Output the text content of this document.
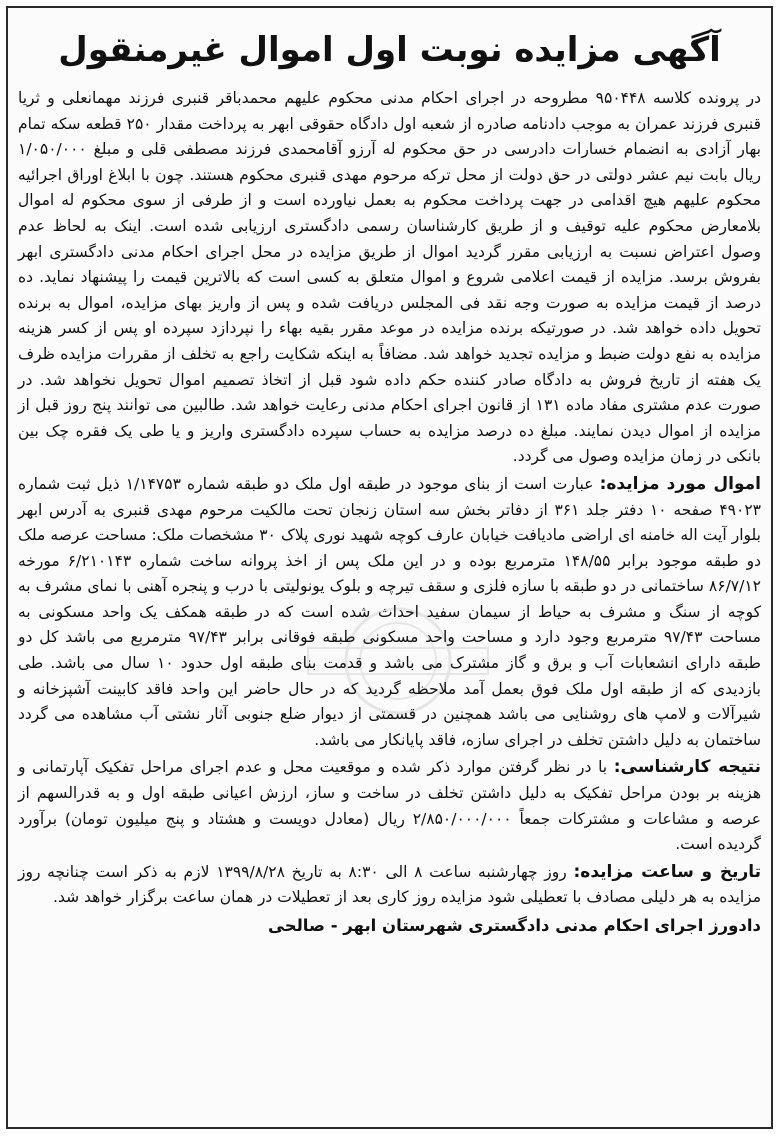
آگهی مزایده نوبت اول اموال غیرمنقول

در پرونده کلاسه ۹۵۰۴۴۸ مطروحه در اجرای احکام مدنی محکوم علیهم محمدباقر قنبری فرزند مهمانعلی و ثریا قنبری فرزند عمران به موجب دادنامه صادره از شعبه اول دادگاه حقوقی ابهر به پرداخت مقدار ۲۵۰ قطعه سکه تمام بهار آزادی به انضمام خسارات دادرسی در حق محکوم له آرزو آقامحمدی فرزند مصطفی قلی و مبلغ ۱/۰۵۰/۰۰۰ ریال بابت نیم عشر دولتی در حق دولت از محل ترکه مرحوم مهدی قنبری محکوم هستند. چون با ابلاغ اوراق اجرائیه محکوم علیهم هیچ اقدامی در جهت پرداخت محکوم به بعمل نیاورده است و از طرفی از سوی محکوم له اموال بلامعارض محکوم علیه توقیف و از طریق کارشناسان رسمی دادگستری ارزیابی شده است. اینک به لحاظ عدم وصول اعتراض نسبت به ارزیابی مقرر گردید اموال از طریق مزایده در محل اجرای احکام مدنی دادگستری ابهر بفروش برسد. مزایده از قیمت اعلامی شروع و اموال متعلق به کسی است که بالاترین قیمت را پیشنهاد نماید. ده درصد از قیمت مزایده به صورت وجه نقد فی المجلس دریافت شده و پس از واریز بهای مزایده، اموال به برنده تحویل داده خواهد شد. در صورتیکه برنده مزایده در موعد مقرر بقیه بهاء را نپردازد سپرده او پس از کسر هزینه مزایده به نفع دولت ضبط و مزایده تجدید خواهد شد. مضافاً به اینکه شکایت راجع به تخلف از مقررات مزایده ظرف یک هفته از تاریخ فروش به دادگاه صادر کننده حکم داده شود قبل از اتخاذ تصمیم اموال تحویل نخواهد شد. در صورت عدم مشتری مفاد ماده ۱۳۱ از قانون اجرای احکام مدنی رعایت خواهد شد. طالبین می توانند پنج روز قبل از مزایده از اموال دیدن نمایند. مبلغ ده درصد مزایده به حساب سپرده دادگستری واریز و یا طی یک فقره چک بین بانکی در زمان مزایده وصول می گردد.

اموال مورد مزایده: عبارت است از بنای موجود در طبقه اول ملک دو طبقه شماره ۱/۱۴۷۵۳ ذیل ثبت شماره ۴۹۰۲۳ صفحه ۱۰ دفتر جلد ۳۶۱ از دفاتر بخش سه استان زنجان تحت مالکیت مرحوم مهدی قنبری به آدرس ابهر بلوار آیت اله خامنه ای اراضی مادیافت خیابان عارف کوچه شهید نوری پلاک ۳۰ مشخصات ملک: مساحت عرصه ملک دو طبقه موجود برابر ۱۴۸/۵۵ مترمربع بوده و در این ملک پس از اخذ پروانه ساخت شماره ۶/۲۱۰۱۴۳ مورخه ۸۶/۷/۱۲ ساختمانی در دو طبقه با سازه فلزی و سقف تیرچه و بلوک یونولیتی با درب و پنجره آهنی با نمای مشرف به کوچه از سنگ و مشرف به حیاط از سیمان سفید احداث شده است که در طبقه همکف یک واحد مسکونی به مساحت ۹۷/۴۳ مترمربع وجود دارد و مساحت واحد مسکونی طبقه فوقانی برابر ۹۷/۴۳ مترمربع می باشد کل دو طبقه دارای انشعابات آب و برق و گاز مشترک می باشد و قدمت بنای طبقه اول حدود ۱۰ سال می باشد. طی بازدیدی که از طبقه اول ملک فوق بعمل آمد ملاحظه گردید که در حال حاضر این واحد فاقد کابینت آشپزخانه و شیرآلات و لامپ های روشنایی می باشد همچنین در قسمتی از دیوار ضلع جنوبی آثار نشتی آب مشاهده می گردد ساختمان به دلیل داشتن تخلف در اجرای سازه، فاقد پایانکار می باشد.

نتیجه کارشناسی: با در نظر گرفتن موارد ذکر شده و موقعیت محل و عدم اجرای مراحل تفکیک آپارتمانی و هزینه بر بودن مراحل تفکیک به دلیل داشتن تخلف در ساخت و ساز، ارزش اعیانی طبقه اول و به قدرالسهم از عرصه و مشاعات و مشترکات جمعاً ۲/۸۵۰/۰۰۰/۰۰۰ ریال (معادل دویست و هشتاد و پنج میلیون تومان) برآورد گردیده است.

تاریخ و ساعت مزایده: روز چهارشنبه ساعت ۸ الی ۸:۳۰ به تاریخ ۱۳۹۹/۸/۲۸ لازم به ذکر است چنانچه روز مزایده به هر دلیلی مصادف با تعطیلی شود مزایده روز کاری بعد از تعطیلات در همان ساعت برگزار خواهد شد.

دادورز اجرای احکام مدنی دادگستری شهرستان ابهر - صالحی
